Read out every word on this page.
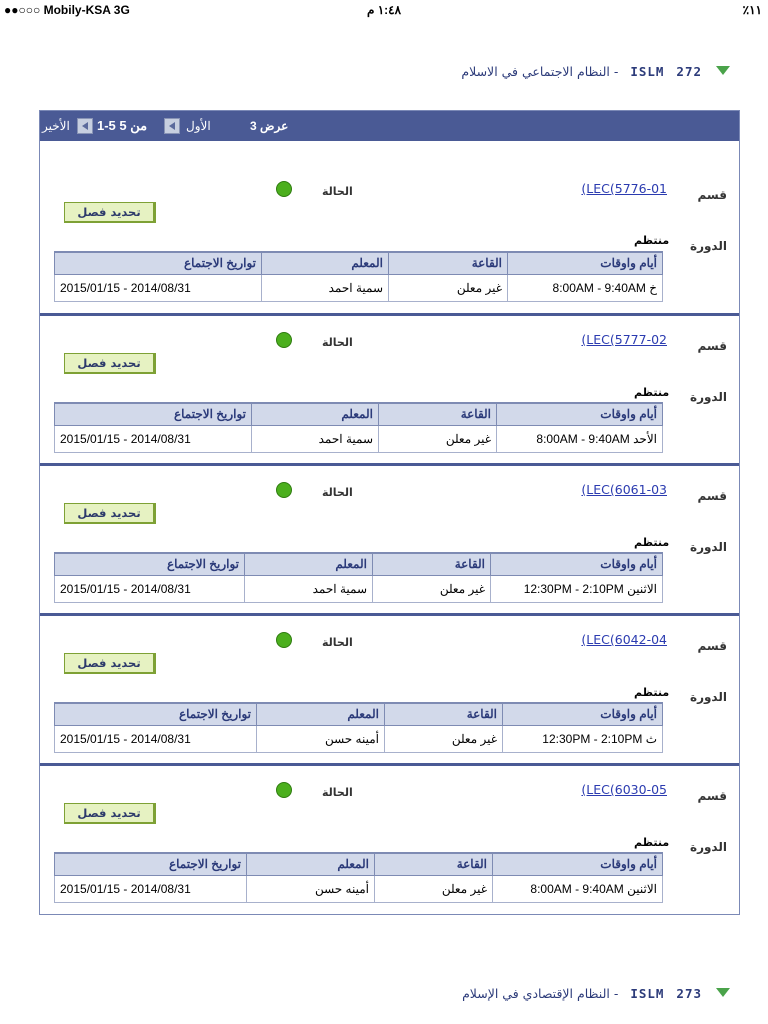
●●○○○ Mobily-KSA 3G	١:٤٨ م	٪١١
272 ISLM - النظام الاجتماعي في الاسلام
عرض 3
الأول
1-5 من 5
الأخير
قسم
(LEC(5776-01
الحالة
تحديد فصل
الدورة
منتظم
أيام واوقات	القاعة	المعلم	تواريخ الاجتماع
خ 8:00AM - 9:40AM	غير معلن	سمية احمد	2015/01/15 - 2014/08/31
قسم
(LEC(5777-02
الحالة
تحديد فصل
الدورة
منتظم
أيام واوقات	القاعة	المعلم	تواريخ الاجتماع
الأحد 8:00AM - 9:40AM	غير معلن	سمية احمد	2015/01/15 - 2014/08/31
قسم
(LEC(6061-03
الحالة
تحديد فصل
الدورة
منتظم
أيام واوقات	القاعة	المعلم	تواريخ الاجتماع
الاثنين 12:30PM - 2:10PM	غير معلن	سمية احمد	2015/01/15 - 2014/08/31
قسم
(LEC(6042-04
الحالة
تحديد فصل
الدورة
منتظم
أيام واوقات	القاعة	المعلم	تواريخ الاجتماع
ث 12:30PM - 2:10PM	غير معلن	أمينه حسن	2015/01/15 - 2014/08/31
قسم
(LEC(6030-05
الحالة
تحديد فصل
الدورة
منتظم
أيام واوقات	القاعة	المعلم	تواريخ الاجتماع
الاثنين 8:00AM - 9:40AM	غير معلن	أمينه حسن	2015/01/15 - 2014/08/31
273 ISLM - النظام الإقتصادي في الإسلام
